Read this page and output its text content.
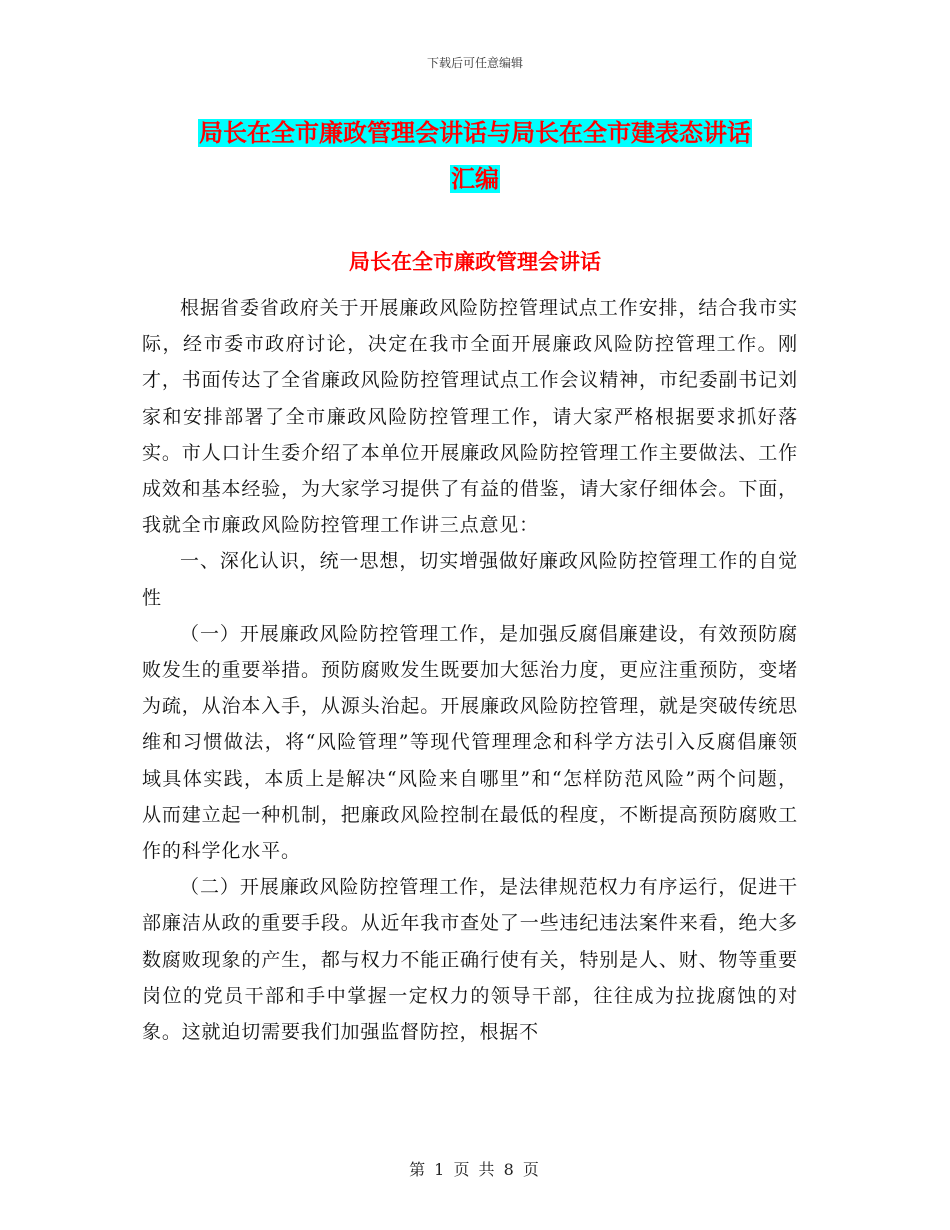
下载后可任意编辑
局长在全市廉政管理会讲话与局长在全市建表态讲话
汇编
局长在全市廉政管理会讲话

根据省委省政府关于开展廉政风险防控管理试点工作安排，结合我市实际，经市委市政府讨论，决定在我市全面开展廉政风险防控管理工作。刚才，书面传达了全省廉政风险防控管理试点工作会议精神，市纪委副书记刘家和安排部署了全市廉政风险防控管理工作，请大家严格根据要求抓好落实。市人口计生委介绍了本单位开展廉政风险防控管理工作主要做法、工作成效和基本经验，为大家学习提供了有益的借鉴，请大家仔细体会。下面，我就全市廉政风险防控管理工作讲三点意见：

一、深化认识，统一思想，切实增强做好廉政风险防控管理工作的自觉性

（一）开展廉政风险防控管理工作，是加强反腐倡廉建设，有效预防腐败发生的重要举措。预防腐败发生既要加大惩治力度，更应注重预防，变堵为疏，从治本入手，从源头治起。开展廉政风险防控管理，就是突破传统思维和习惯做法，将“风险管理”等现代管理理念和科学方法引入反腐倡廉领域具体实践，本质上是解决“风险来自哪里”和“怎样防范风险”两个问题，从而建立起一种机制，把廉政风险控制在最低的程度，不断提高预防腐败工作的科学化水平。

（二）开展廉政风险防控管理工作，是法律规范权力有序运行，促进干部廉洁从政的重要手段。从近年我市查处了一些违纪违法案件来看，绝大多数腐败现象的产生，都与权力不能正确行使有关，特别是人、财、物等重要岗位的党员干部和手中掌握一定权力的领导干部，往往成为拉拢腐蚀的对象。这就迫切需要我们加强监督防控，根据不

第 1 页 共 8 页
